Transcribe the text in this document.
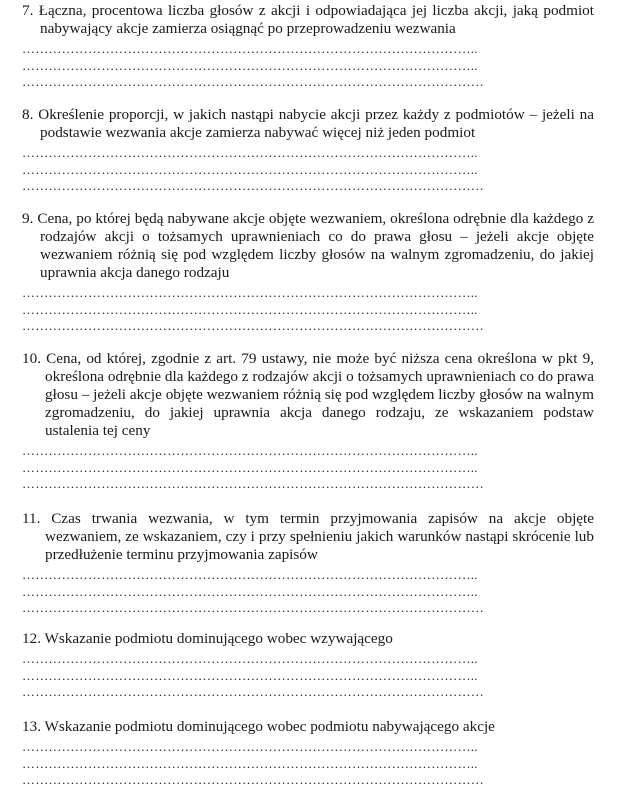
7. Łączna, procentowa liczba głosów z akcji i odpowiadająca jej liczba akcji, jaką podmiot nabywający akcje zamierza osiągnąć po przeprowadzeniu wezwania

…………………………………………………………………………………………..
…………………………………………………………………………………………..
……………………………………………………………………………………………

8. Określenie proporcji, w jakich nastąpi nabycie akcji przez każdy z podmiotów – jeżeli na podstawie wezwania akcje zamierza nabywać więcej niż jeden podmiot

…………………………………………………………………………………………..
…………………………………………………………………………………………..
……………………………………………………………………………………………

9. Cena, po której będą nabywane akcje objęte wezwaniem, określona odrębnie dla każdego z rodzajów akcji o tożsamych uprawnieniach co do prawa głosu – jeżeli akcje objęte wezwaniem różnią się pod względem liczby głosów na walnym zgromadzeniu, do jakiej uprawnia akcja danego rodzaju

…………………………………………………………………………………………..
…………………………………………………………………………………………..
……………………………………………………………………………………………

10. Cena, od której, zgodnie z art. 79 ustawy, nie może być niższa cena określona w pkt 9, określona odrębnie dla każdego z rodzajów akcji o tożsamych uprawnieniach co do prawa głosu – jeżeli akcje objęte wezwaniem różnią się pod względem liczby głosów na walnym zgromadzeniu, do jakiej uprawnia akcja danego rodzaju, ze wskazaniem podstaw ustalenia tej ceny

…………………………………………………………………………………………..
…………………………………………………………………………………………..
……………………………………………………………………………………………

11. Czas trwania wezwania, w tym termin przyjmowania zapisów na akcje objęte wezwaniem, ze wskazaniem, czy i przy spełnieniu jakich warunków nastąpi skrócenie lub przedłużenie terminu przyjmowania zapisów

…………………………………………………………………………………………..
…………………………………………………………………………………………..
……………………………………………………………………………………………

12. Wskazanie podmiotu dominującego wobec wzywającego

…………………………………………………………………………………………..
…………………………………………………………………………………………..
……………………………………………………………………………………………

13. Wskazanie podmiotu dominującego wobec podmiotu nabywającego akcje

…………………………………………………………………………………………..
…………………………………………………………………………………………..
……………………………………………………………………………………………
